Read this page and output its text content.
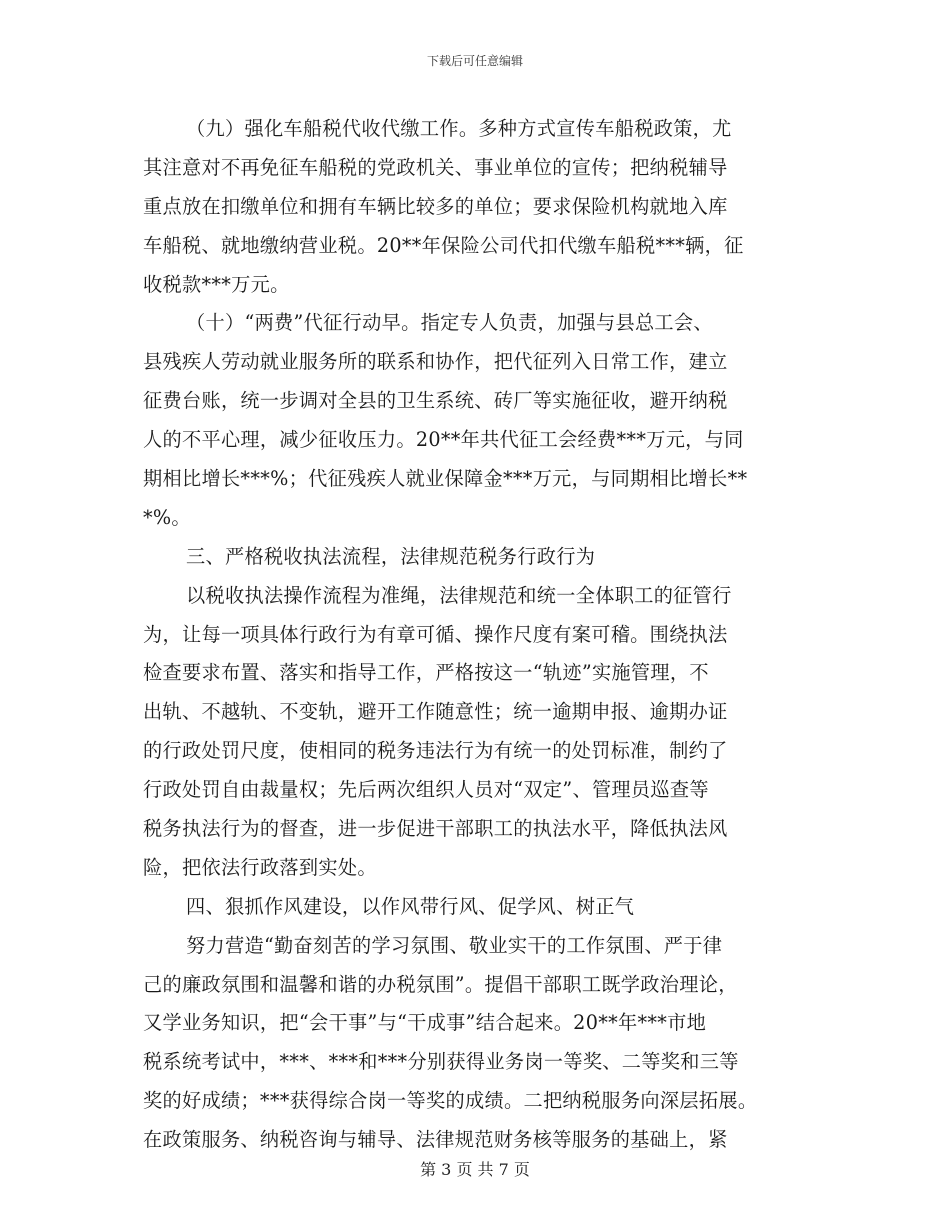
下载后可任意编辑
（九）强化车船税代收代缴工作。多种方式宣传车船税政策，尤
其注意对不再免征车船税的党政机关、事业单位的宣传；把纳税辅导
重点放在扣缴单位和拥有车辆比较多的单位；要求保险机构就地入库
车船税、就地缴纳营业税。20**年保险公司代扣代缴车船税***辆，征
收税款***万元。
（十）“两费”代征行动早。指定专人负责，加强与县总工会、
县残疾人劳动就业服务所的联系和协作，把代征列入日常工作，建立
征费台账，统一步调对全县的卫生系统、砖厂等实施征收，避开纳税
人的不平心理，减少征收压力。20**年共代征工会经费***万元，与同
期相比增长***%；代征残疾人就业保障金***万元，与同期相比增长**
*%。
三、严格税收执法流程，法律规范税务行政行为
以税收执法操作流程为准绳，法律规范和统一全体职工的征管行
为，让每一项具体行政行为有章可循、操作尺度有案可稽。围绕执法
检查要求布置、落实和指导工作，严格按这一“轨迹”实施管理，不
出轨、不越轨、不变轨，避开工作随意性；统一逾期申报、逾期办证
的行政处罚尺度，使相同的税务违法行为有统一的处罚标准，制约了
行政处罚自由裁量权；先后两次组织人员对“双定”、管理员巡查等
税务执法行为的督查，进一步促进干部职工的执法水平，降低执法风
险，把依法行政落到实处。
四、狠抓作风建设，以作风带行风、促学风、树正气
努力营造“勤奋刻苦的学习氛围、敬业实干的工作氛围、严于律
己的廉政氛围和温馨和谐的办税氛围”。提倡干部职工既学政治理论，
又学业务知识，把“会干事”与“干成事”结合起来。20**年***市地
税系统考试中，***、***和***分别获得业务岗一等奖、二等奖和三等
奖的好成绩；***获得综合岗一等奖的成绩。二把纳税服务向深层拓展。
在政策服务、纳税咨询与辅导、法律规范财务核等服务的基础上，紧
第 3 页 共 7 页
